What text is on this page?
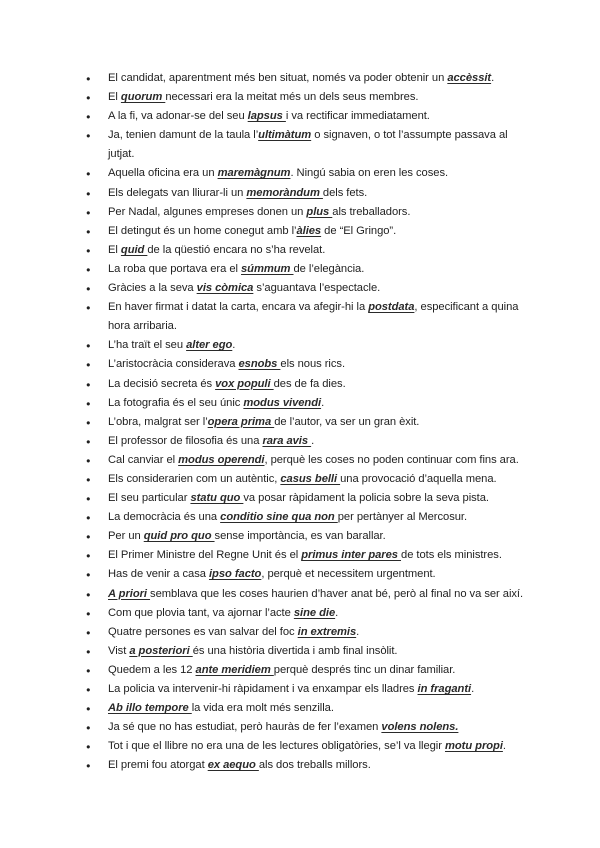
● El candidat, aparentment més ben situat, només va poder obtenir un accèssit.
● El quorum necessari era la meitat més un dels seus membres.
● A la fi, va adonar-se del seu lapsus i va rectificar immediatament.
● Ja, tenien damunt de la taula l’ultimàtum o signaven, o tot l’assumpte passava al jutjat.
● Aquella oficina era un maremàgnum. Ningú sabia on eren les coses.
● Els delegats van lliurar-li un memoràndum dels fets.
● Per Nadal, algunes empreses donen un plus als treballadors.
● El detingut és un home conegut amb l’àlies de “El Gringo”.
● El quid de la qüestió encara no s’ha revelat.
● La roba que portava era el súmmum de l’elegància.
● Gràcies a la seva vis còmica s’aguantava l’espectacle.
● En haver firmat i datat la carta, encara va afegir-hi la postdata, especificant a quina hora arribaria.
● L’ha traït el seu alter ego.
● L’aristocràcia considerava esnobs els nous rics.
● La decisió secreta és vox populi des de fa dies.
● La fotografia és el seu únic modus vivendi.
● L’obra, malgrat ser l’opera prima de l’autor, va ser un gran èxit.
● El professor de filosofia és una rara avis .
● Cal canviar el modus operendi, perquè les coses no poden continuar com fins ara.
● Els considerarien com un autèntic, casus belli una provocació d’aquella mena.
● El seu particular statu quo va posar ràpidament la policia sobre la seva pista.
● La democràcia és una conditio sine qua non per pertànyer al Mercosur.
● Per un quid pro quo sense importància, es van barallar.
● El Primer Ministre del Regne Unit és el primus inter pares de tots els ministres.
● Has de venir a casa ipso facto, perquè et necessitem urgentment.
● A priori semblava que les coses haurien d’haver anat bé, però al final no va ser així.
● Com que plovia tant, va ajornar l’acte sine die.
● Quatre persones es van salvar del foc in extremis.
● Vist a posteriori és una història divertida i amb final insòlit.
● Quedem a les 12 ante meridiem perquè després tinc un dinar familiar.
● La policia va intervenir-hi ràpidament i va enxampar els lladres in fraganti.
● Ab illo tempore la vida era molt més senzilla.
● Ja sé que no has estudiat, però hauràs de fer l’examen volens nolens.
● Tot i que el llibre no era una de les lectures obligatòries, se’l va llegir motu propi.
● El premi fou atorgat ex aequo als dos treballs millors.
